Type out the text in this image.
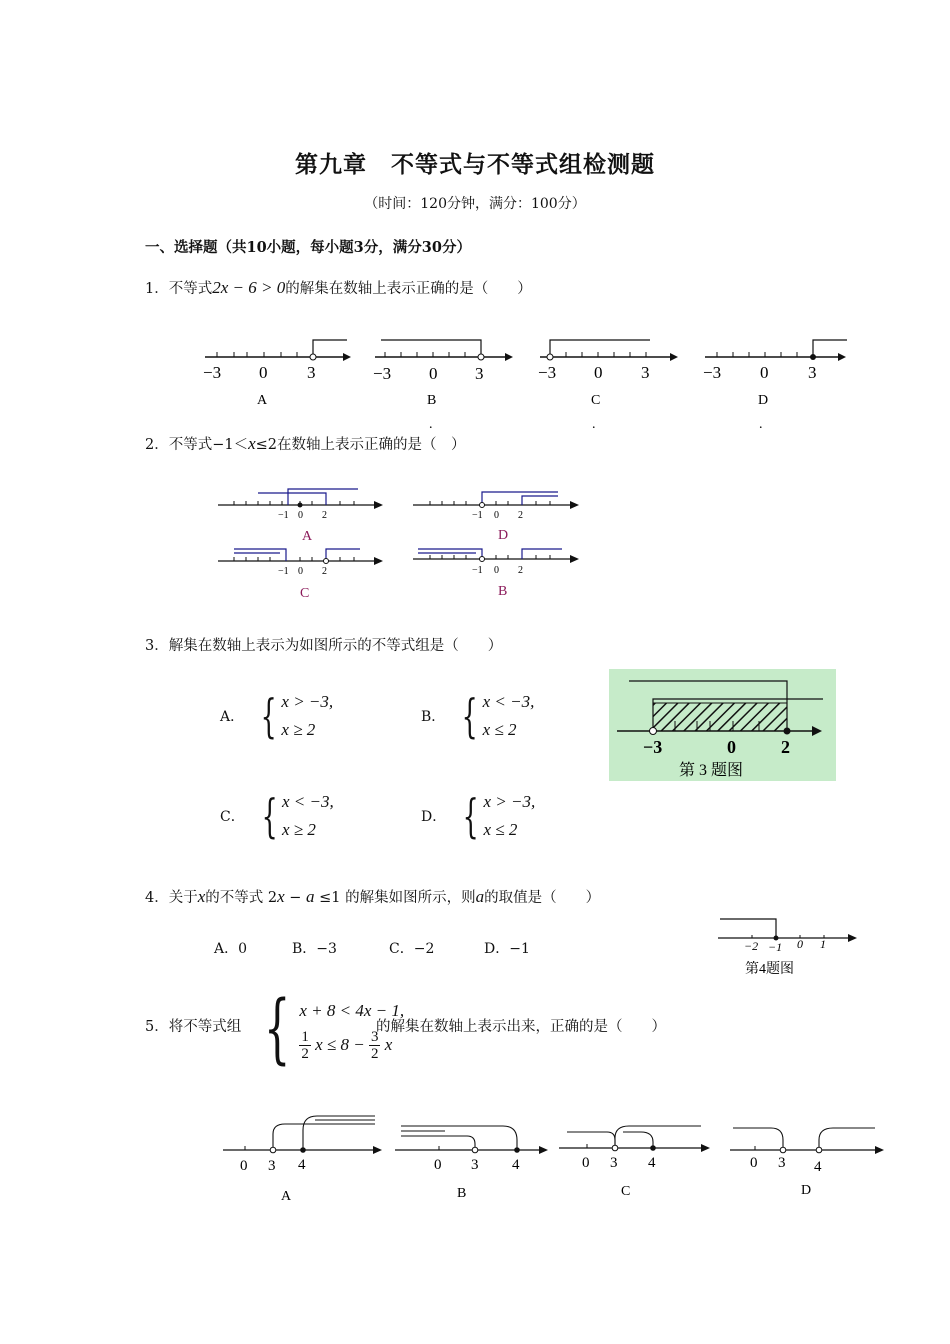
第九章　不等式与不等式组检测题
（时间：120分钟，满分：100分）
一、选择题（共10小题，每小题3分，满分30分）
1．不等式2x − 6 > 0的解集在数轴上表示正确的是（　　）
−3 0 3
A
−3 0 3
B
.
−3 0 3
C
.
−3 0 3
D
.
2．不等式−1＜x≤2在数轴上表示正确的是（　）
−1 0 2
A
−1 0 2
D
−1 0 2
C
−1 0 2
B
3．解集在数轴上表示为如图所示的不等式组是（　　）
A． { x > −3,
x ≥ 2
B． { x < −3,
x ≤ 2
C． { x < −3,
x ≥ 2
D． { x > −3,
x ≤ 2
−3	0	2
第 3 题图
4．关于x的不等式 2x − a ≤1 的解集如图所示，则a的取值是（　　）
A．0	B．−3	C．−2	D．−1	−2 −1 0 1
第4题图
5．将不等式组 { x + 8 < 4x − 1,
$\frac{1}{2}$ $x \le 8 - \frac{3}{2}$ x
的解集在数轴上表示出来，正确的是（　　）
0 3 4
A
0 3 4
B
0 3 4
C
0 3 4
D
